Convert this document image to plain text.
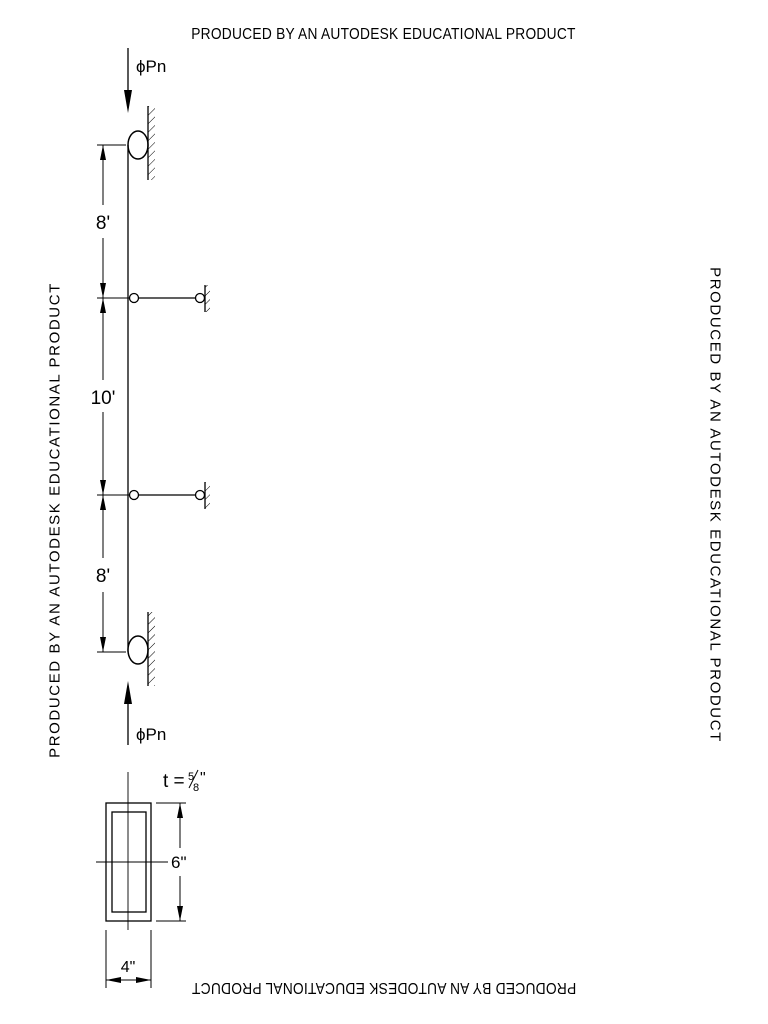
PRODUCED BY AN AUTODESK EDUCATIONAL PRODUCT
PRODUCED BY AN AUTODESK EDUCATIONAL PRODUCT
PRODUCED BY AN AUTODESK EDUCATIONAL PRODUCT	PRODUCED BY AN AUTODESK EDUCATIONAL PRODUCT
ϕPn
ϕPn
8'
10'
8'
6"
4"
t = 5
8
"
